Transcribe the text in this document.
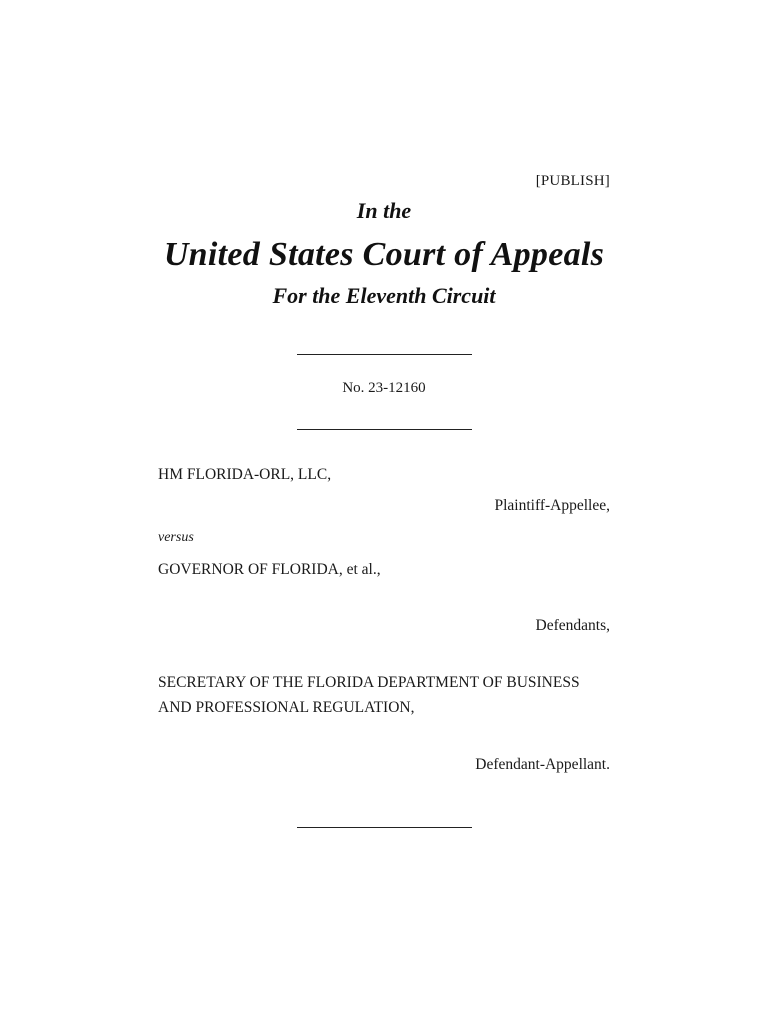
[PUBLISH]
In the
United States Court of Appeals
For the Eleventh Circuit
No. 23-12160
HM FLORIDA-ORL, LLC,
Plaintiff-Appellee,
versus
GOVERNOR OF FLORIDA, et al.,
Defendants,
SECRETARY OF THE FLORIDA DEPARTMENT OF BUSINESS AND PROFESSIONAL REGULATION,
Defendant-Appellant.
